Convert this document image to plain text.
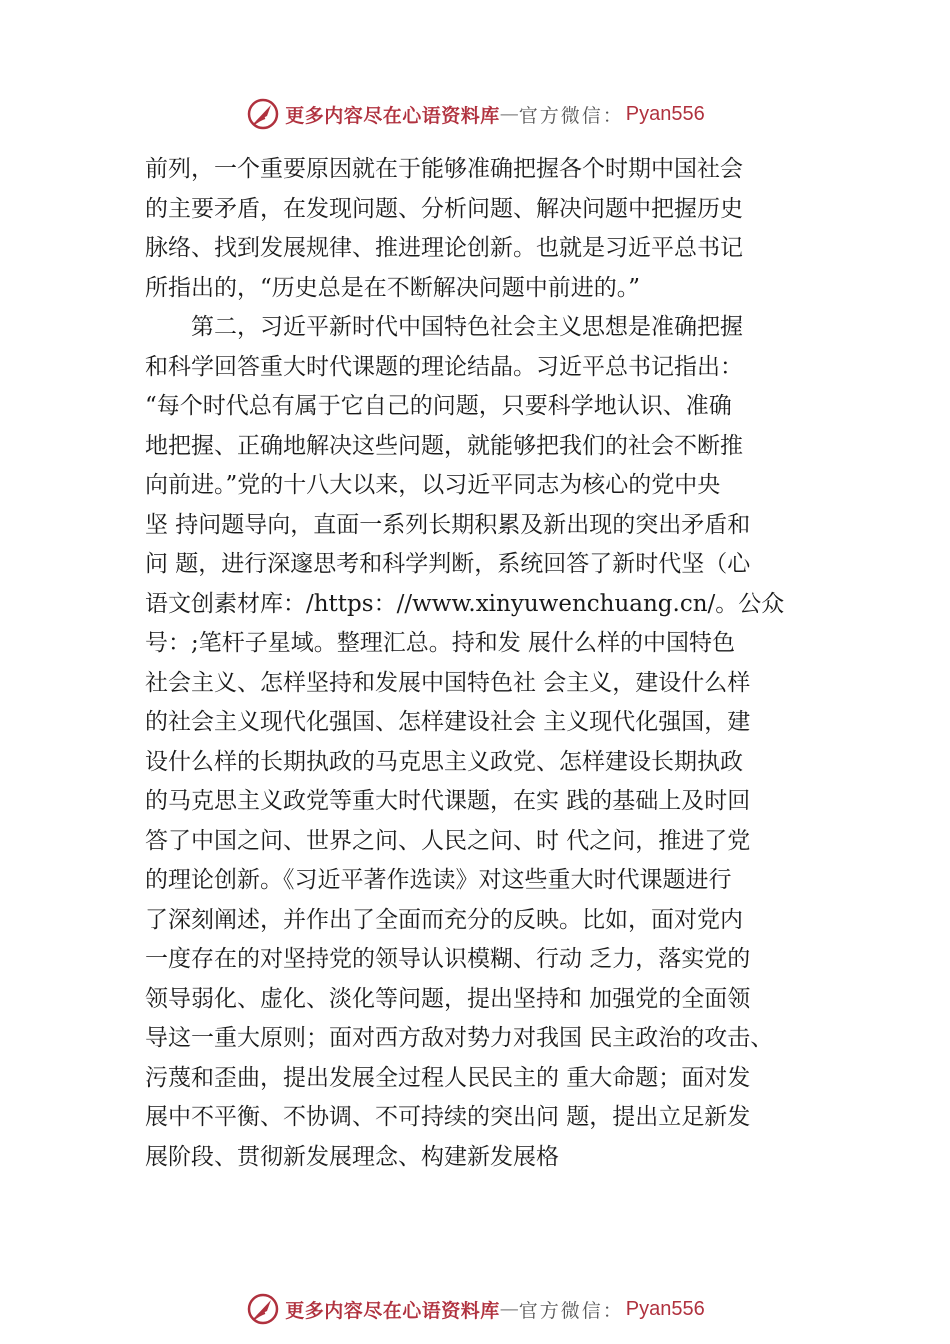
更多内容尽在心语资料库 — 官方微信： Pyan556
前列，一个重要原因就在于能够准确把握各个时期中国社会
的主要矛盾，在发现问题、分析问题、解决问题中把握历史
脉络、找到发展规律、推进理论创新。也就是习近平总书记
所指出的，“历史总是在不断解决问题中前进的。”
　　第二，习近平新时代中国特色社会主义思想是准确把握
和科学回答重大时代课题的理论结晶。习近平总书记指出：
“每个时代总有属于它自己的问题，只要科学地认识、准确
地把握、正确地解决这些问题，就能够把我们的社会不断推
向前进。”党的十八大以来，以习近平同志为核心的党中央
坚 持问题导向，直面一系列长期积累及新出现的突出矛盾和
问 题，进行深邃思考和科学判断，系统回答了新时代坚（心
语文创素材库：/https：//www.xinyuwenchuang.cn/。公众
号：;笔杆子星域。整理汇总。持和发 展什么样的中国特色
社会主义、怎样坚持和发展中国特色社 会主义，建设什么样
的社会主义现代化强国、怎样建设社会 主义现代化强国，建
设什么样的长期执政的马克思主义政党、怎样建设长期执政
的马克思主义政党等重大时代课题，在实 践的基础上及时回
答了中国之问、世界之问、人民之问、时 代之问，推进了党
的理论创新。《习近平著作选读》对这些重大时代课题进行
了深刻阐述，并作出了全面而充分的反映。比如，面对党内
一度存在的对坚持党的领导认识模糊、行动 乏力，落实党的
领导弱化、虚化、淡化等问题，提出坚持和 加强党的全面领
导这一重大原则；面对西方敌对势力对我国 民主政治的攻击、
污蔑和歪曲，提出发展全过程人民民主的 重大命题；面对发
展中不平衡、不协调、不可持续的突出问 题，提出立足新发
展阶段、贯彻新发展理念、构建新发展格
更多内容尽在心语资料库 — 官方微信： Pyan556
